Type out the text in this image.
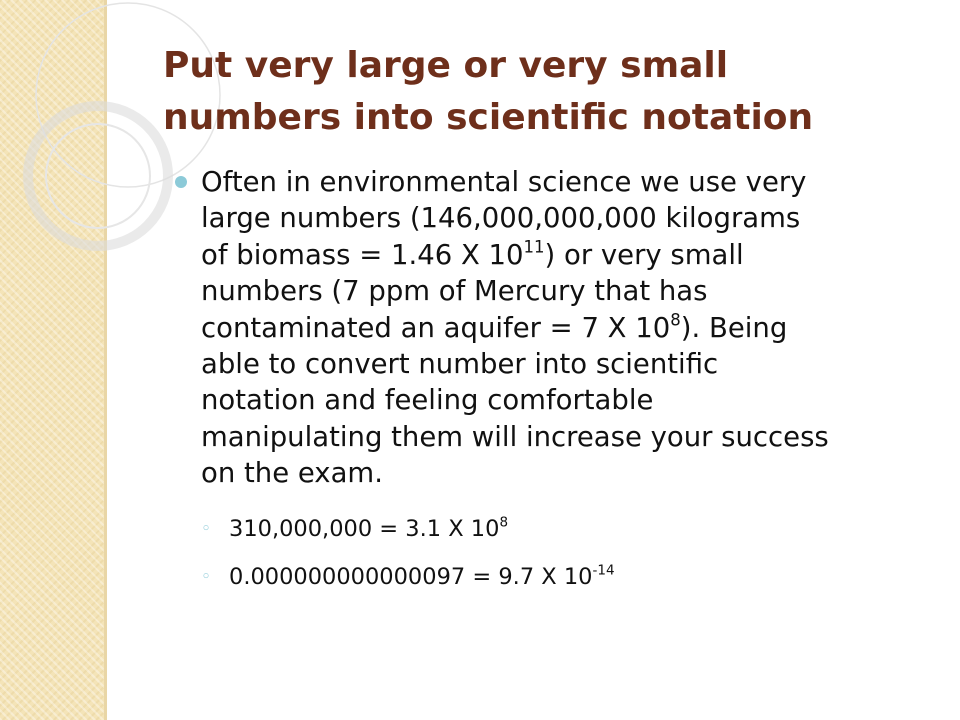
Put very large or very small
numbers into scientific notation
Often in environmental science we use very
large numbers (146,000,000,000 kilograms
of biomass = 1.46 X $10^{11}$) or very small
numbers (7 ppm of Mercury that has
contaminated an aquifer = 7 X $10^8$). Being
able to convert number into scientific
notation and feeling comfortable
manipulating them will increase your success
on the exam.
◦ 310,000,000 = 3.1 X $10^8$
◦ 0.000000000000097 = 9.7 X $10^{-14}$
